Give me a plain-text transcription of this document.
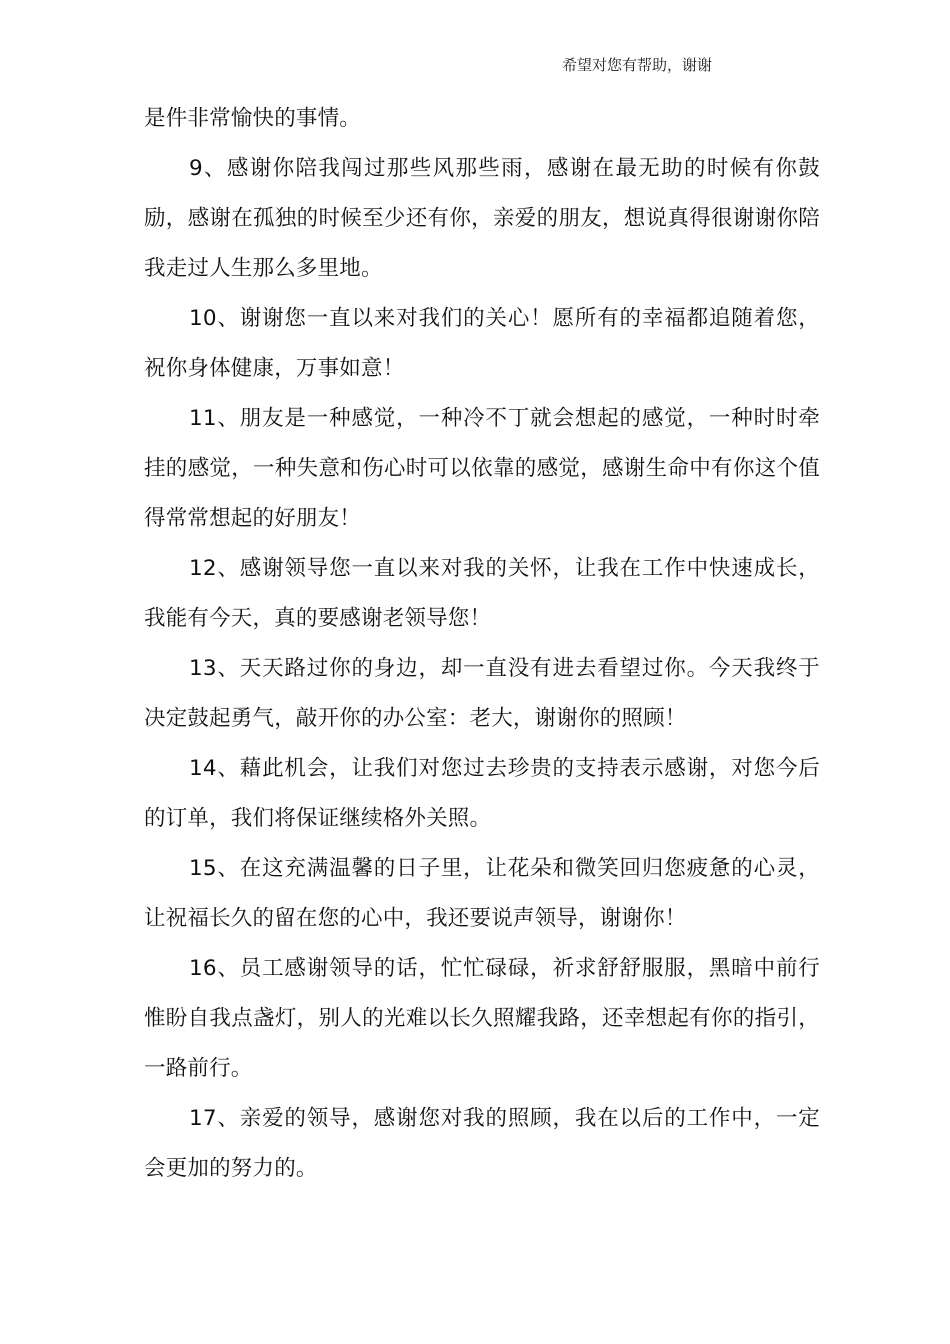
希望对您有帮助，谢谢

是件非常愉快的事情。

9、感谢你陪我闯过那些风那些雨，感谢在最无助的时候有你鼓励，感谢在孤独的时候至少还有你，亲爱的朋友，想说真得很谢谢你陪我走过人生那么多里地。

10、谢谢您一直以来对我们的关心！愿所有的幸福都追随着您，祝你身体健康，万事如意！

11、朋友是一种感觉，一种冷不丁就会想起的感觉，一种时时牵挂的感觉，一种失意和伤心时可以依靠的感觉，感谢生命中有你这个值得常常想起的好朋友！

12、感谢领导您一直以来对我的关怀，让我在工作中快速成长，我能有今天，真的要感谢老领导您！

13、天天路过你的身边，却一直没有进去看望过你。今天我终于决定鼓起勇气，敲开你的办公室：老大，谢谢你的照顾！

14、藉此机会，让我们对您过去珍贵的支持表示感谢，对您今后的订单，我们将保证继续格外关照。

15、在这充满温馨的日子里，让花朵和微笑回归您疲惫的心灵，让祝福长久的留在您的心中，我还要说声领导，谢谢你！

16、员工感谢领导的话，忙忙碌碌，祈求舒舒服服，黑暗中前行惟盼自我点盏灯，别人的光难以长久照耀我路，还幸想起有你的指引，一路前行。

17、亲爱的领导，感谢您对我的照顾，我在以后的工作中，一定会更加的努力的。
